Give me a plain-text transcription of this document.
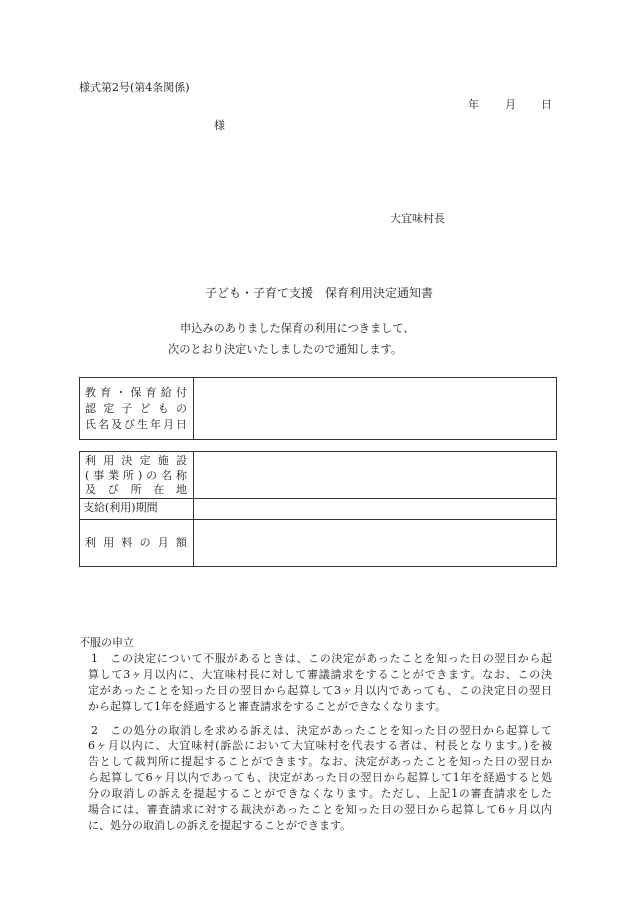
様式第2号(第4条関係)
年 月 日
様
大宜味村長
子ども・子育て支援　保育利用決定通知書
申込みのありました保育の利用につきまして、
次のとおり決定いたしましたので通知します。
教育・保育給付
認定子どもの
氏名及び生年月日
利用決定施設
(事業所)の名称
及び所在地
支給(利用)期間
利用料の月額
不服の申立
1　この決定について不服があるときは、この決定があったことを知った日の翌日から起
算して3ヶ月以内に、大宜味村長に対して審議請求をすることができます。なお、この決
定があったことを知った日の翌日から起算して3ヶ月以内であっても、この決定日の翌日
から起算して1年を経過すると審査請求をすることができなくなります。
2　この処分の取消しを求める訴えは、決定があったことを知った日の翌日から起算して
6ヶ月以内に、大宜味村(訴訟において大宜味村を代表する者は、村長となります。)を被
告として裁判所に提起することができます。なお、決定があったことを知った日の翌日か
ら起算して6ヶ月以内であっても、決定があった日の翌日から起算して1年を経過すると処
分の取消しの訴えを提起することができなくなります。ただし、上記1の審査請求をした
場合には、審査請求に対する裁決があったことを知った日の翌日から起算して6ヶ月以内
に、処分の取消しの訴えを提起することができます。
